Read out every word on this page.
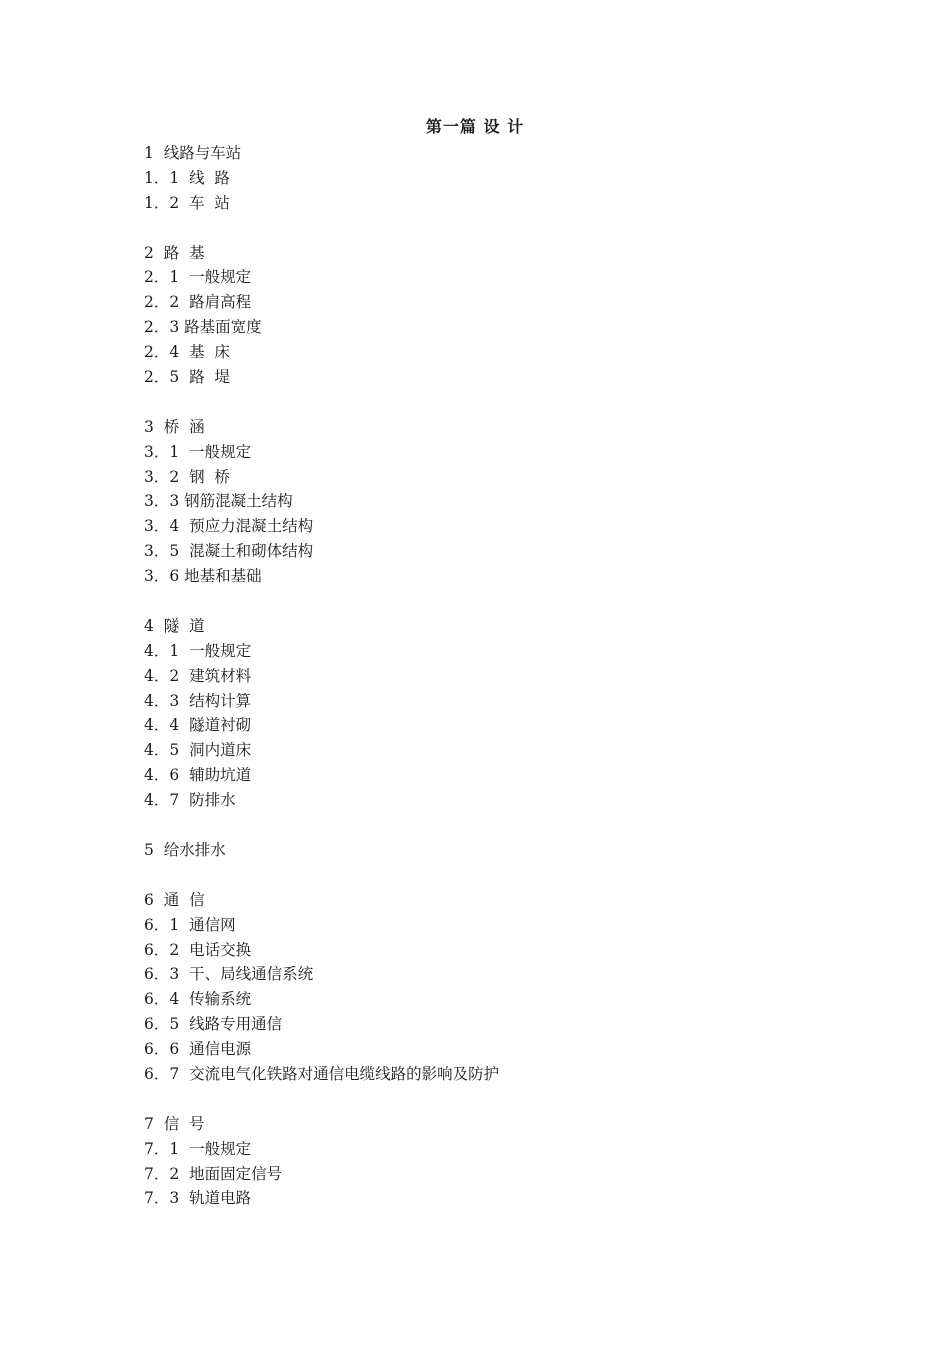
第一篇 设 计
1  线路与车站
1．1  线  路
1．2  车  站
2  路  基
2．1  一般规定
2．2  路肩高程
2．3 路基面宽度
2．4  基  床
2．5  路  堤
3  桥  涵
3．1  一般规定
3．2  钢  桥
3．3 钢筋混凝土结构
3．4  预应力混凝土结构
3．5  混凝土和砌体结构
3．6 地基和基础
4  隧  道
4．1  一般规定
4．2  建筑材料
4．3  结构计算
4．4  隧道衬砌
4．5  洞内道床
4．6  辅助坑道
4．7  防排水
5  给水排水
6  通  信
6．1  通信网
6．2  电话交换
6．3  干、局线通信系统
6．4  传输系统
6．5  线路专用通信
6．6  通信电源
6．7  交流电气化铁路对通信电缆线路的影响及防护
7  信  号
7．1  一般规定
7．2  地面固定信号
7．3  轨道电路
